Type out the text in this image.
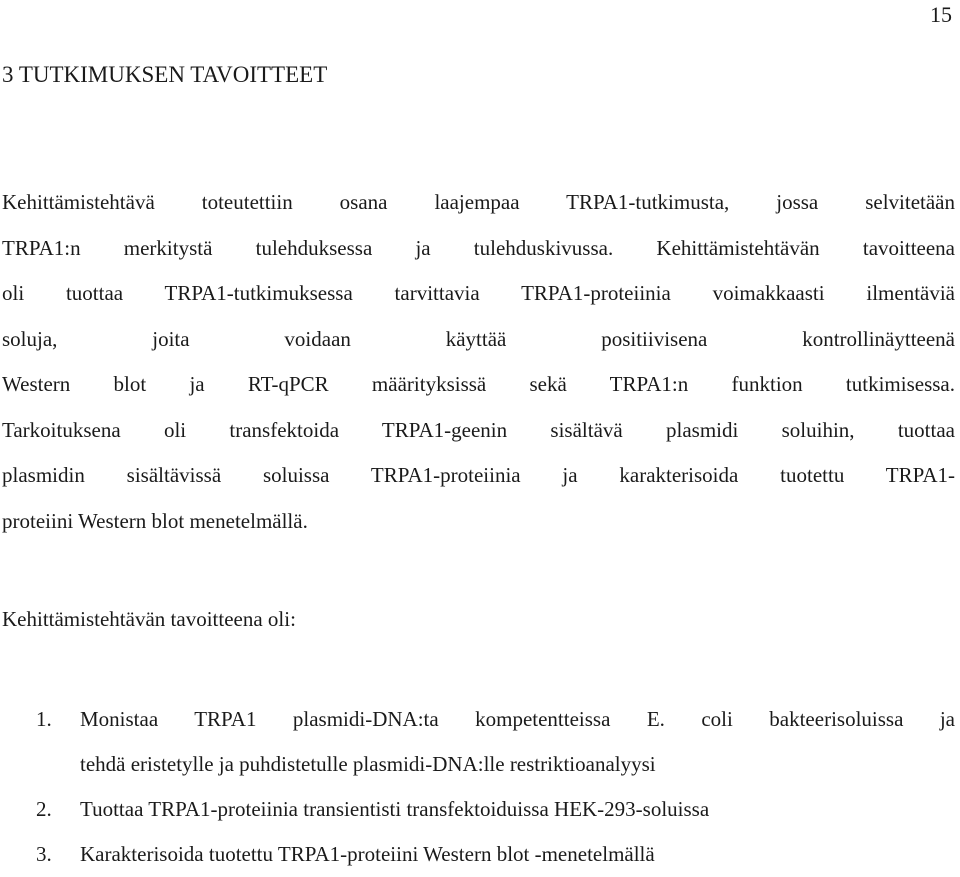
15
3 TUTKIMUKSEN TAVOITTEET

Kehittämistehtävä toteutettiin osana laajempaa TRPA1-tutkimusta, jossa selvitetään
TRPA1:n merkitystä tulehduksessa ja tulehduskivussa. Kehittämistehtävän tavoitteena
oli tuottaa TRPA1-tutkimuksessa tarvittavia TRPA1-proteiinia voimakkaasti ilmentäviä
soluja, joita voidaan käyttää positiivisena kontrollinäytteenä
Western blot ja RT-qPCR määrityksissä sekä TRPA1:n funktion tutkimisessa.
Tarkoituksena oli transfektoida TRPA1-geenin sisältävä plasmidi soluihin, tuottaa
plasmidin sisältävissä soluissa TRPA1-proteiinia ja karakterisoida tuotettu TRPA1-
proteiini Western blot menetelmällä.

Kehittämistehtävän tavoitteena oli:

1. Monistaa TRPA1 plasmidi-DNA:ta kompetentteissa E. coli bakteerisoluissa ja
tehdä eristetylle ja puhdistetulle plasmidi-DNA:lle restriktioanalyysi
2. Tuottaa TRPA1-proteiinia transientisti transfektoiduissa HEK-293-soluissa
3. Karakterisoida tuotettu TRPA1-proteiini Western blot -menetelmällä
